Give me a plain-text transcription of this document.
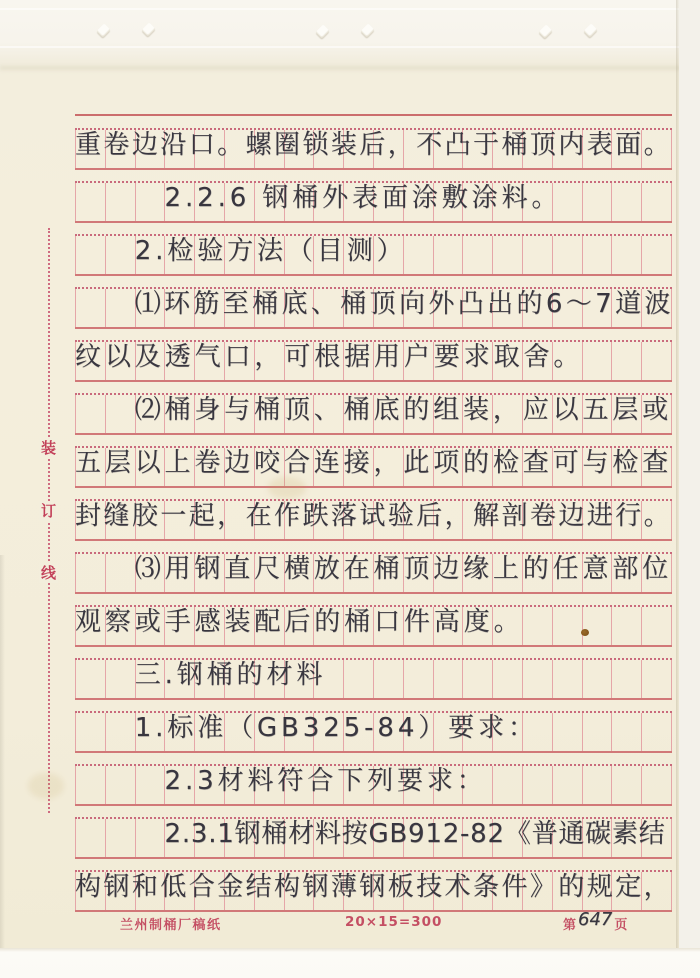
装
订
线
重卷边沿口。螺圈锁装后，不凸于桶顶内表面。
2.2.6 钢桶外表面涂敷涂料。
2.检验方法（目测）
⑴环筋至桶底、桶顶向外凸出的6～7道波
纹以及透气口，可根据用户要求取舍。
⑵桶身与桶顶、桶底的组装，应以五层或
五层以上卷边咬合连接，此项的检查可与检查
封缝胶一起，在作跌落试验后，解剖卷边进行。
⑶用钢直尺横放在桶顶边缘上的任意部位
观察或手感装配后的桶口件高度。
三.钢桶的材料
1.标准（GB325-84）要求：
2.3材料符合下列要求：
2.3.1钢桶材料按GB912-82《普通碳素结
构钢和低合金结构钢薄钢板技术条件》的规定，
兰州制桶厂稿纸	20×15=300	第 647 页
